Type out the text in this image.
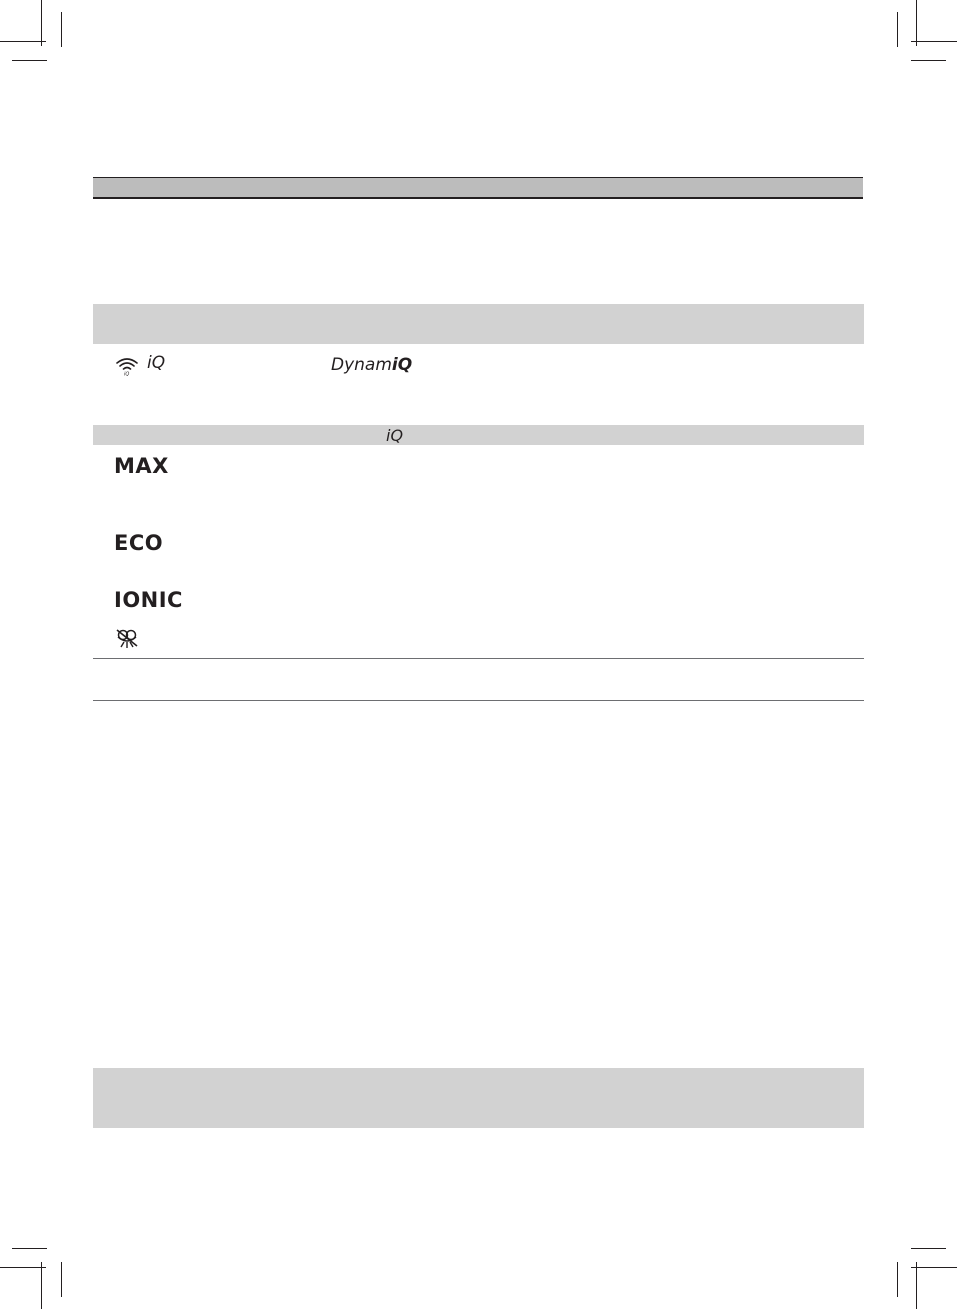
iQ
iQ	DynamiQ
iQ
MAX
ECO
IONIC
